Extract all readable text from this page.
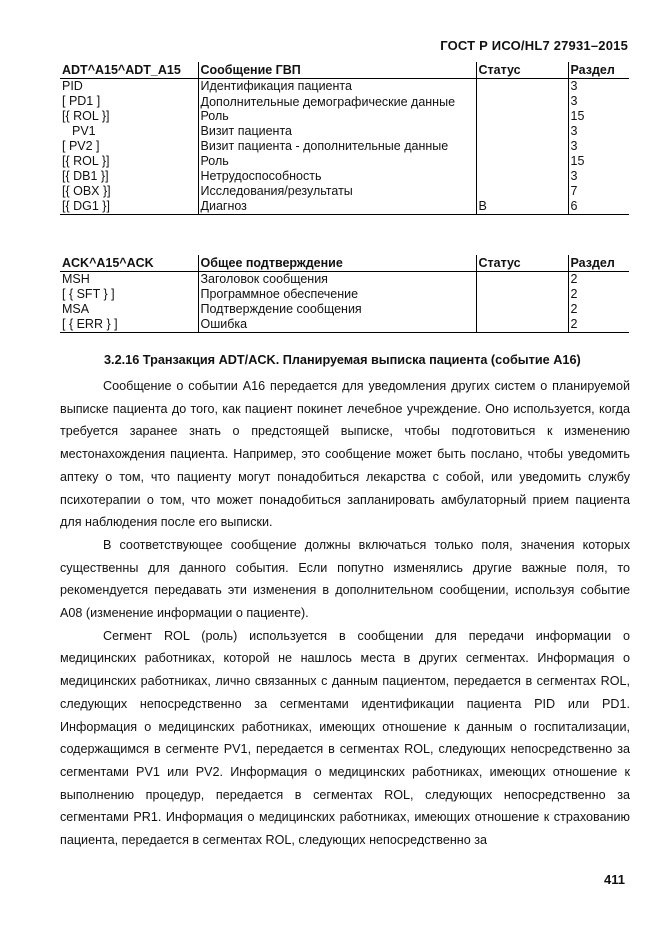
ГОСТ Р ИСО/HL7 27931–2015
ADT^A15^ADT_A15	Сообщение ГВП	Статус	Раздел
PID	Идентификация пациента		3
[ PD1 ]	Дополнительные демографические данные		3
[{ ROL }]	Роль		15
PV1	Визит пациента		3
[ PV2 ]	Визит пациента - дополнительные данные		3
[{ ROL }]	Роль		15
[{ DB1 }]	Нетрудоспособность		3
[{ OBX }]	Исследования/результаты		7
[{ DG1 }]	Диагноз	B	6
ACK^A15^ACK	Общее подтверждение	Статус	Раздел
MSH	Заголовок сообщения		2
[ { SFT } ]	Программное обеспечение		2
MSA	Подтверждение сообщения		2
[ { ERR } ]	Ошибка		2
3.2.16 Транзакция ADT/ACK. Планируемая выписка пациента (событие A16)

Сообщение о событии A16 передается для уведомления других систем о планируемой выписке пациента до того, как пациент покинет лечебное учреждение. Оно используется, когда требуется заранее знать о предстоящей выписке, чтобы подготовиться к изменению местонахождения пациента. Например, это сообщение может быть послано, чтобы уведомить аптеку о том, что пациенту могут понадобиться лекарства с собой, или уведомить службу психотерапии о том, что может понадобиться запланировать амбулаторный прием пациента для наблюдения после его выписки.

В соответствующее сообщение должны включаться только поля, значения которых существенны для данного события. Если попутно изменялись другие важные поля, то рекомендуется передавать эти изменения в дополнительном сообщении, используя событие A08 (изменение информации о пациенте).

Сегмент ROL (роль) используется в сообщении для передачи информации о медицинских работниках, которой не нашлось места в других сегментах. Информация о медицинских работниках, лично связанных с данным пациентом, передается в сегментах ROL, следующих непосредственно за сегментами идентификации пациента PID или PD1. Информация о медицинских работниках, имеющих отношение к данным о госпитализации, содержащимся в сегменте PV1, передается в сегментах ROL, следующих непосредственно за сегментами PV1 или PV2. Информация о медицинских работниках, имеющих отношение к выполнению процедур, передается в сегментах ROL, следующих непосредственно за сегментами PR1. Информация о медицинских работниках, имеющих отношение к страхованию пациента, передается в сегментах ROL, следующих непосредственно за

411
